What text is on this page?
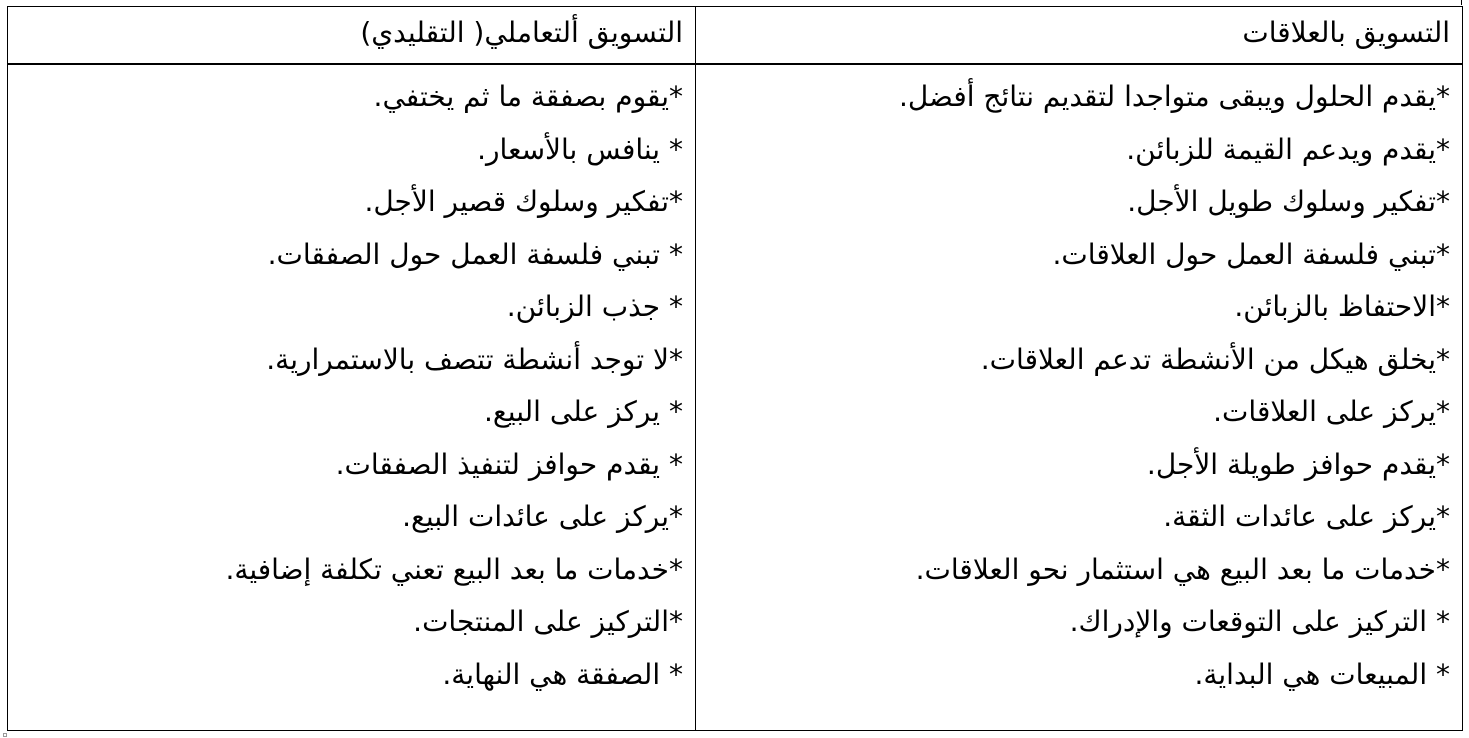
التسويق بالعلاقات
التسويق ألتعاملي( التقليدي)
*يقدم الحلول ويبقى متواجدا لتقديم نتائج أفضل.
*يقدم ويدعم القيمة للزبائن.
*تفكير وسلوك طويل الأجل.
*تبني فلسفة العمل حول العلاقات.
*الاحتفاظ بالزبائن.
*يخلق هيكل من الأنشطة تدعم العلاقات.
*يركز على العلاقات.
*يقدم حوافز طويلة الأجل.
*يركز على عائدات الثقة.
*خدمات ما بعد البيع هي استثمار نحو العلاقات.
* التركيز على التوقعات والإدراك.
* المبيعات هي البداية.
*يقوم بصفقة ما ثم يختفي.
* ينافس بالأسعار.
*تفكير وسلوك قصير الأجل.
* تبني فلسفة العمل حول الصفقات.
* جذب الزبائن.
*لا توجد أنشطة تتصف بالاستمرارية.
* يركز على البيع.
* يقدم حوافز لتنفيذ الصفقات.
*يركز على عائدات البيع.
*خدمات ما بعد البيع تعني تكلفة إضافية.
*التركيز على المنتجات.
* الصفقة هي النهاية.
